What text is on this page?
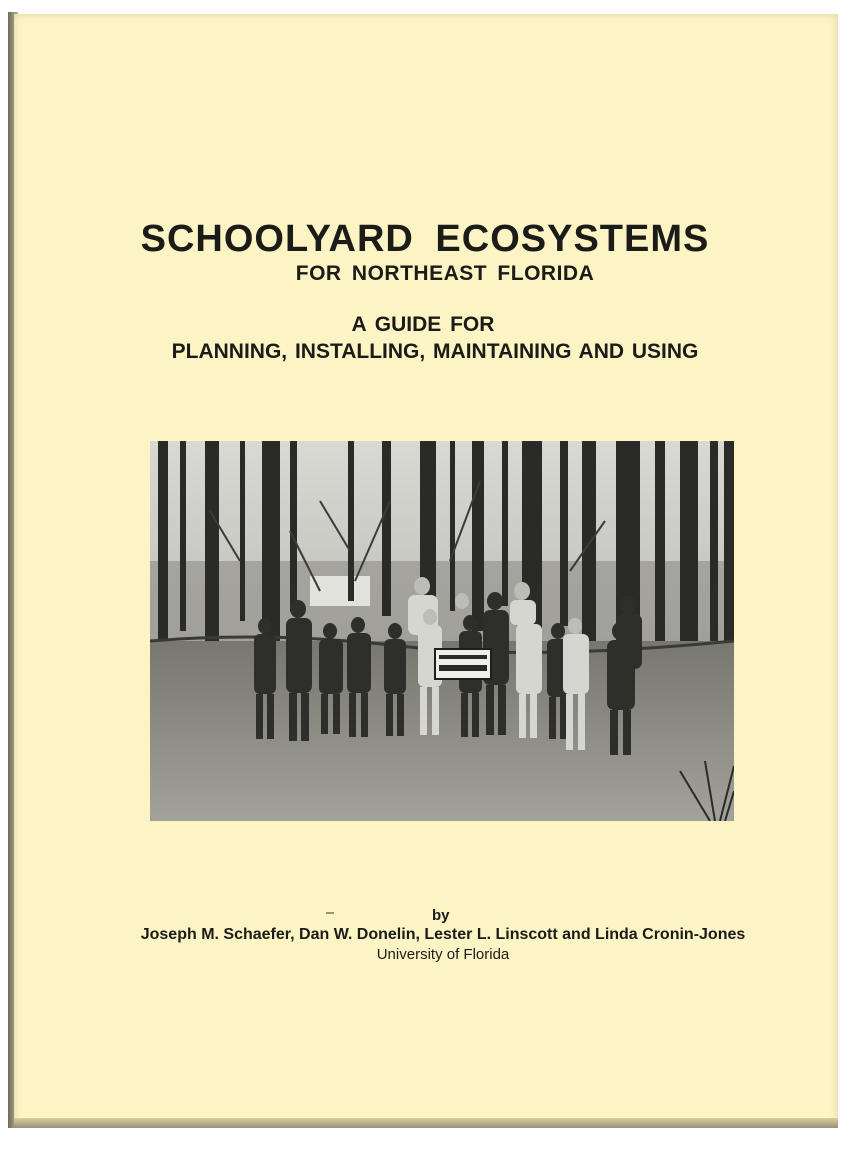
SCHOOLYARD ECOSYSTEMS
FOR NORTHEAST FLORIDA
A GUIDE FOR
PLANNING, INSTALLING, MAINTAINING AND USING
by
Joseph M. Schaefer, Dan W. Donelin, Lester L. Linscott and Linda Cronin-Jones
University of Florida
